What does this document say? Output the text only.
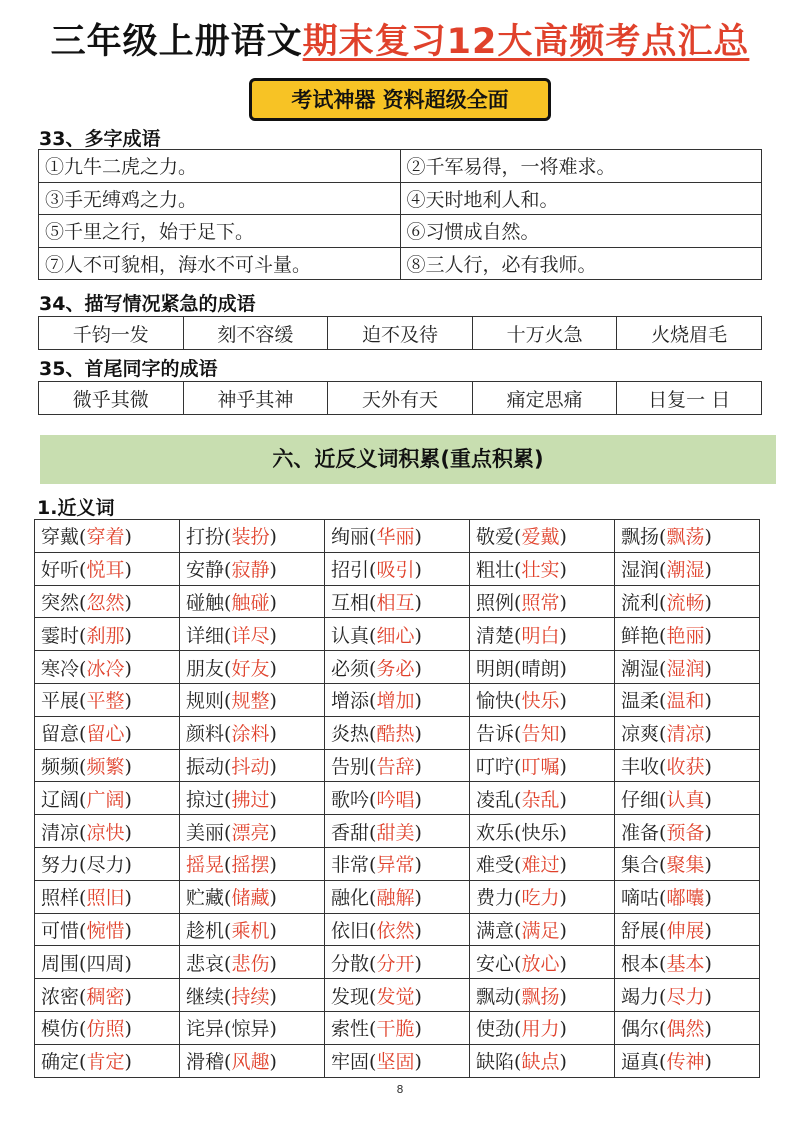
三年级上册语文期末复习12大高频考点汇总
考试神器 资料超级全面
33、多字成语
①九牛二虎之力。	②千军易得，一将难求。
③手无缚鸡之力。	④天时地利人和。
⑤千里之行，始于足下。	⑥习惯成自然。
⑦人不可貌相，海水不可斗量。	⑧三人行，必有我师。
34、描写情况紧急的成语
千钧一发	刻不容缓	迫不及待	十万火急	火烧眉毛
35、首尾同字的成语
微乎其微	神乎其神	天外有天	痛定思痛	日复一 日
六、近反义词积累(重点积累)
1.近义词
穿戴(穿着)	打扮(装扮)	绚丽(华丽)	敬爱(爱戴)	飘扬(飘荡)
好听(悦耳)	安静(寂静)	招引(吸引)	粗壮(壮实)	湿润(潮湿)
突然(忽然)	碰触(触碰)	互相(相互)	照例(照常)	流利(流畅)
霎时(刹那)	详细(详尽)	认真(细心)	清楚(明白)	鲜艳(艳丽)
寒冷(冰冷)	朋友(好友)	必须(务必)	明朗(晴朗)	潮湿(湿润)
平展(平整)	规则(规整)	增添(增加)	愉快(快乐)	温柔(温和)
留意(留心)	颜料(涂料)	炎热(酷热)	告诉(告知)	凉爽(清凉)
频频(频繁)	振动(抖动)	告别(告辞)	叮咛(叮嘱)	丰收(收获)
辽阔(广阔)	掠过(拂过)	歌吟(吟唱)	凌乱(杂乱)	仔细(认真)
清凉(凉快)	美丽(漂亮)	香甜(甜美)	欢乐(快乐)	准备(预备)
努力(尽力)	摇晃(摇摆)	非常(异常)	难受(难过)	集合(聚集)
照样(照旧)	贮藏(储藏)	融化(融解)	费力(吃力)	嘀咕(嘟囔)
可惜(惋惜)	趁机(乘机)	依旧(依然)	满意(满足)	舒展(伸展)
周围(四周)	悲哀(悲伤)	分散(分开)	安心(放心)	根本(基本)
浓密(稠密)	继续(持续)	发现(发觉)	飘动(飘扬)	竭力(尽力)
模仿(仿照)	诧异(惊异)	索性(干脆)	使劲(用力)	偶尔(偶然)
确定(肯定)	滑稽(风趣)	牢固(坚固)	缺陷(缺点)	逼真(传神)
8
